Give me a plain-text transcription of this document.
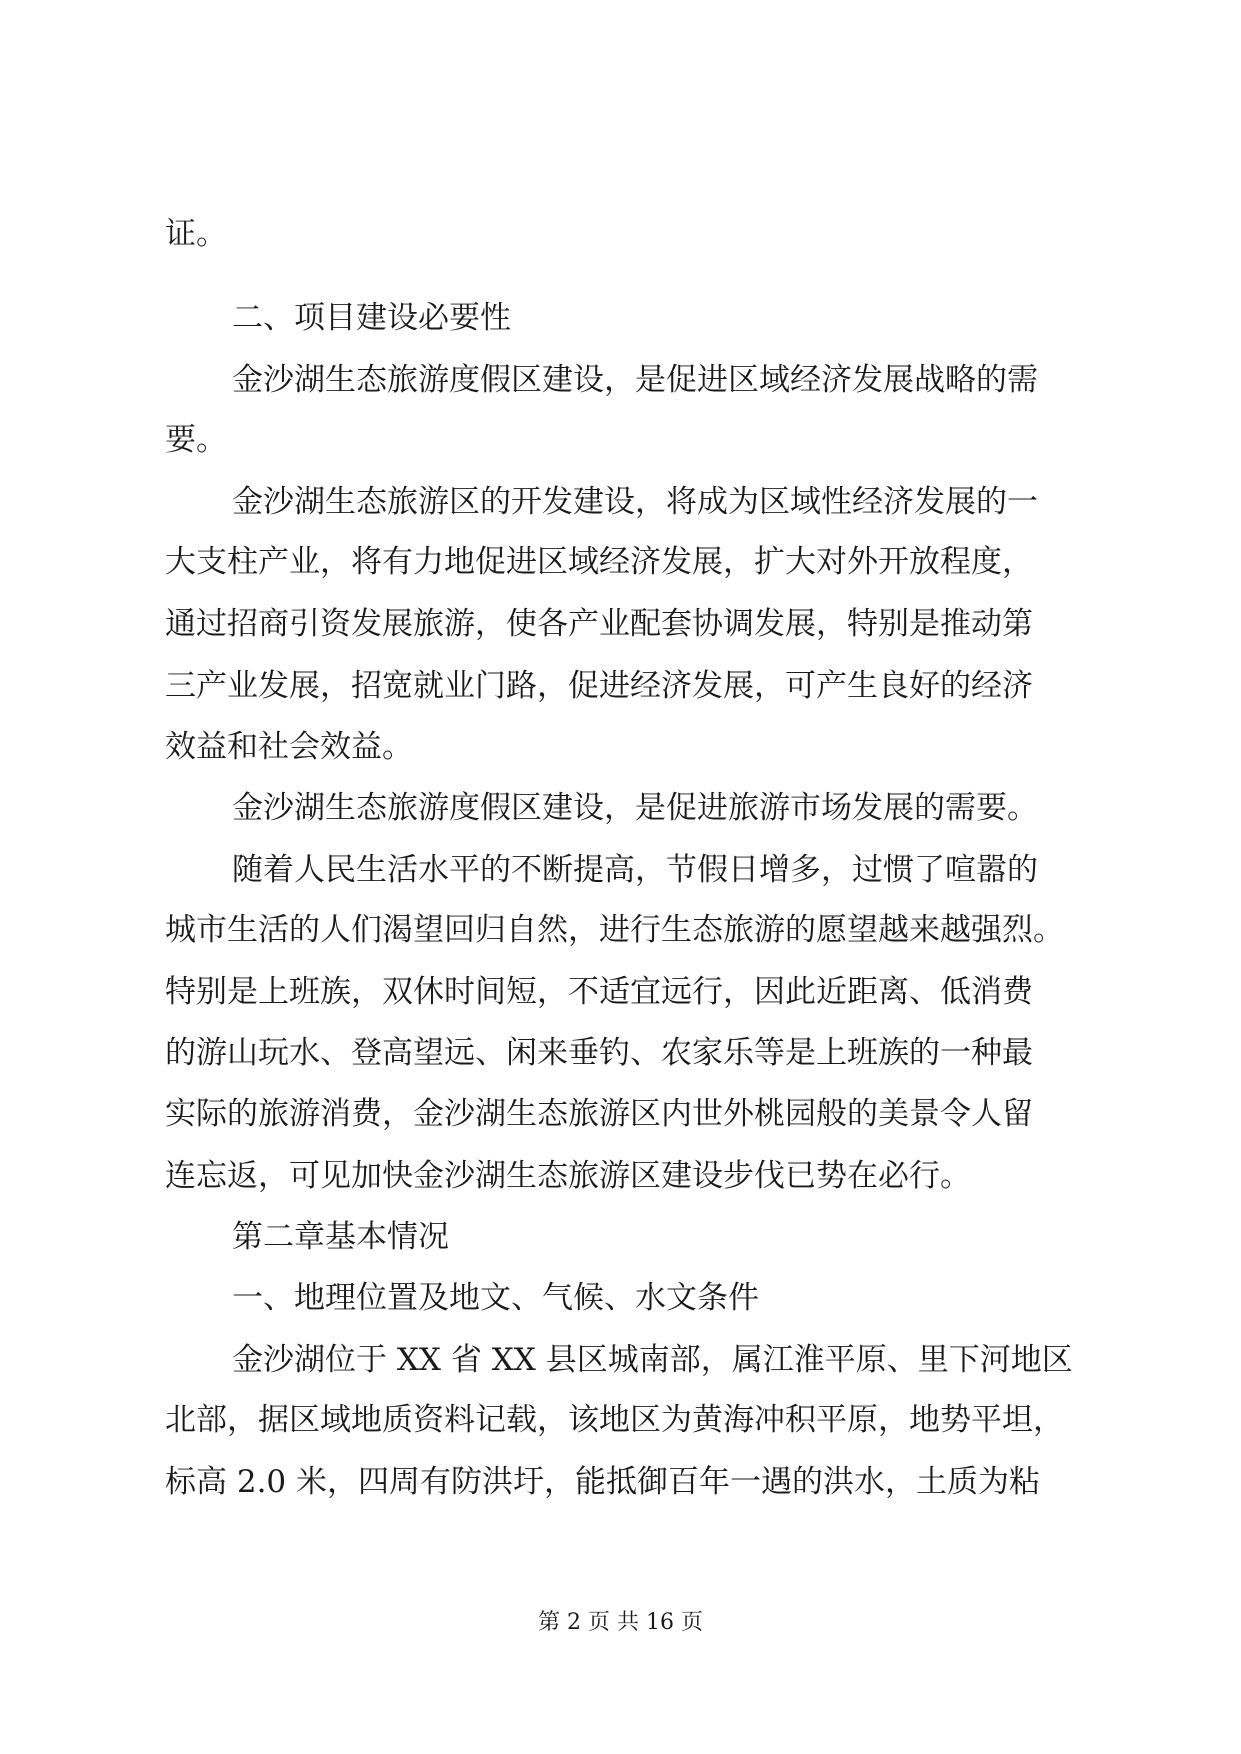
证。
二、项目建设必要性
金沙湖生态旅游度假区建设，是促进区域经济发展战略的需
要。
金沙湖生态旅游区的开发建设，将成为区域性经济发展的一
大支柱产业，将有力地促进区域经济发展，扩大对外开放程度，
通过招商引资发展旅游，使各产业配套协调发展，特别是推动第
三产业发展，招宽就业门路，促进经济发展，可产生良好的经济
效益和社会效益。
金沙湖生态旅游度假区建设，是促进旅游市场发展的需要。
随着人民生活水平的不断提高，节假日增多，过惯了喧嚣的
城市生活的人们渴望回归自然，进行生态旅游的愿望越来越强烈。
特别是上班族，双休时间短，不适宜远行，因此近距离、低消费
的游山玩水、登高望远、闲来垂钓、农家乐等是上班族的一种最
实际的旅游消费，金沙湖生态旅游区内世外桃园般的美景令人留
连忘返，可见加快金沙湖生态旅游区建设步伐已势在必行。
第二章基本情况
一、地理位置及地文、气候、水文条件
金沙湖位于 XX 省 XX 县区城南部，属江淮平原、里下河地区
北部，据区域地质资料记载，该地区为黄海冲积平原，地势平坦，
标高 2.0 米，四周有防洪圩，能抵御百年一遇的洪水，土质为粘
第 2 页 共 16 页
